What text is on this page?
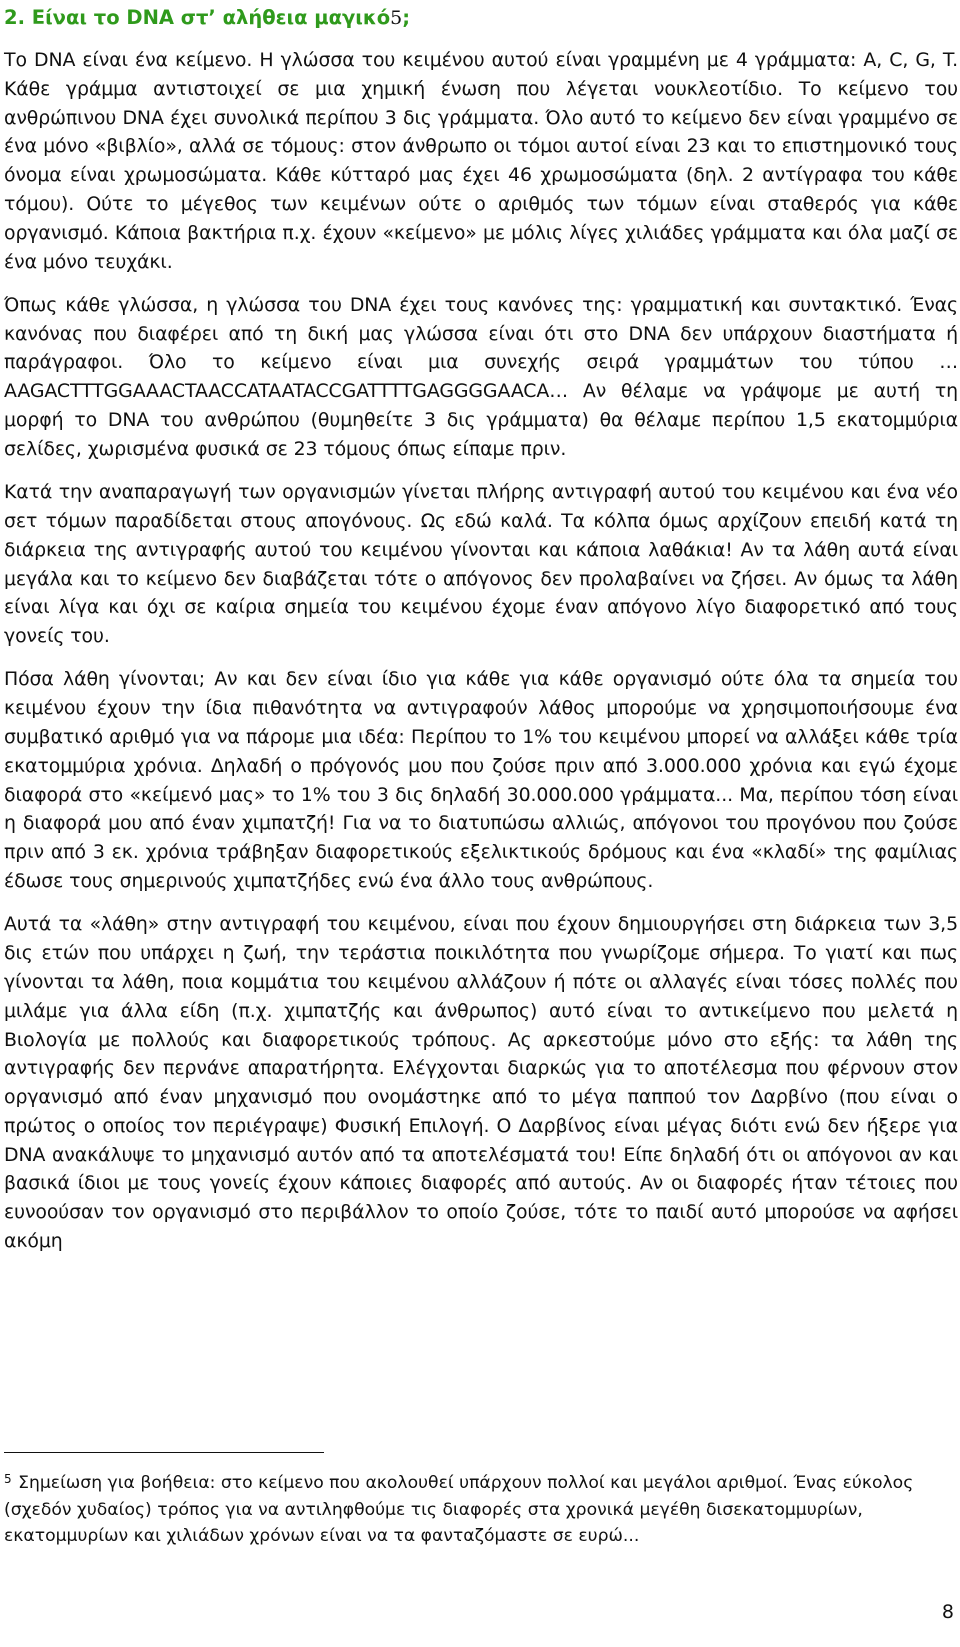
2. Είναι το DNA στ’ αλήθεια μαγικό5;

Το DNA είναι ένα κείμενο. Η γλώσσα του κειμένου αυτού είναι γραμμένη με 4 γράμματα: A, C, G, T. Κάθε γράμμα αντιστοιχεί σε μια χημική ένωση που λέγεται νουκλεοτίδιο. Το κείμενο του ανθρώπινου DNA έχει συνολικά περίπου 3 δις γράμματα. Όλο αυτό το κείμενο δεν είναι γραμμένο σε ένα μόνο «βιβλίο», αλλά σε τόμους: στον άνθρωπο οι τόμοι αυτοί είναι 23 και το επιστημονικό τους όνομα είναι χρωμοσώματα. Κάθε κύτταρό μας έχει 46 χρωμοσώματα (δηλ. 2 αντίγραφα του κάθε τόμου). Ούτε το μέγεθος των κειμένων ούτε ο αριθμός των τόμων είναι σταθερός για κάθε οργανισμό. Κάποια βακτήρια π.χ. έχουν «κείμενο» με μόλις λίγες χιλιάδες γράμματα και όλα μαζί σε ένα μόνο τευχάκι.

Όπως κάθε γλώσσα, η γλώσσα του DNA έχει τους κανόνες της: γραμματική και συντακτικό. Ένας κανόνας που διαφέρει από τη δική μας γλώσσα είναι ότι στο DNA δεν υπάρχουν διαστήματα ή παράγραφοι. Όλο το κείμενο είναι μια συνεχής σειρά γραμμάτων του τύπου …AAGACTTTGGAAACTAACCATAATACCGATTTTGAGGGGAACA… Αν θέλαμε να γράψομε με αυτή τη μορφή το DNA του ανθρώπου (θυμηθείτε 3 δις γράμματα) θα θέλαμε περίπου 1,5 εκατομμύρια σελίδες, χωρισμένα φυσικά σε 23 τόμους όπως είπαμε πριν.

Κατά την αναπαραγωγή των οργανισμών γίνεται πλήρης αντιγραφή αυτού του κειμένου και ένα νέο σετ τόμων παραδίδεται στους απογόνους. Ως εδώ καλά. Τα κόλπα όμως αρχίζουν επειδή κατά τη διάρκεια της αντιγραφής αυτού του κειμένου γίνονται και κάποια λαθάκια! Αν τα λάθη αυτά είναι μεγάλα και το κείμενο δεν διαβάζεται τότε ο απόγονος δεν προλαβαίνει να ζήσει. Αν όμως τα λάθη είναι λίγα και όχι σε καίρια σημεία του κειμένου έχομε έναν απόγονο λίγο διαφορετικό από τους γονείς του.

Πόσα λάθη γίνονται; Αν και δεν είναι ίδιο για κάθε για κάθε οργανισμό ούτε όλα τα σημεία του κειμένου έχουν την ίδια πιθανότητα να αντιγραφούν λάθος μπορούμε να χρησιμοποιήσουμε ένα συμβατικό αριθμό για να πάρομε μια ιδέα: Περίπου το 1% του κειμένου μπορεί να αλλάξει κάθε τρία εκατομμύρια χρόνια. Δηλαδή ο πρόγονός μου που ζούσε πριν από 3.000.000 χρόνια και εγώ έχομε διαφορά στο «κείμενό μας» το 1% του 3 δις δηλαδή 30.000.000 γράμματα... Μα, περίπου τόση είναι η διαφορά μου από έναν χιμπατζή! Για να το διατυπώσω αλλιώς, απόγονοι του προγόνου που ζούσε πριν από 3 εκ. χρόνια τράβηξαν διαφορετικούς εξελικτικούς δρόμους και ένα «κλαδί» της φαμίλιας έδωσε τους σημερινούς χιμπατζήδες ενώ ένα άλλο τους ανθρώπους.

Αυτά τα «λάθη» στην αντιγραφή του κειμένου, είναι που έχουν δημιουργήσει στη διάρκεια των 3,5 δις ετών που υπάρχει η ζωή, την τεράστια ποικιλότητα που γνωρίζομε σήμερα. Το γιατί και πως γίνονται τα λάθη, ποια κομμάτια του κειμένου αλλάζουν ή πότε οι αλλαγές είναι τόσες πολλές που μιλάμε για άλλα είδη (π.χ. χιμπατζής και άνθρωπος) αυτό είναι το αντικείμενο που μελετά η Βιολογία με πολλούς και διαφορετικούς τρόπους. Ας αρκεστούμε μόνο στο εξής: τα λάθη της αντιγραφής δεν περνάνε απαρατήρητα. Ελέγχονται διαρκώς για το αποτέλεσμα που φέρνουν στον οργανισμό από έναν μηχανισμό που ονομάστηκε από το μέγα παππού τον Δαρβίνο (που είναι ο πρώτος ο οποίος τον περιέγραψε) Φυσική Επιλογή. Ο Δαρβίνος είναι μέγας διότι ενώ δεν ήξερε για DNA ανακάλυψε το μηχανισμό αυτόν από τα αποτελέσματά του! Είπε δηλαδή ότι οι απόγονοι αν και βασικά ίδιοι με τους γονείς έχουν κάποιες διαφορές από αυτούς. Αν οι διαφορές ήταν τέτοιες που ευνοούσαν τον οργανισμό στο περιβάλλον το οποίο ζούσε, τότε το παιδί αυτό μπορούσε να αφήσει ακόμη

$^5$ Σημείωση για βοήθεια: στο κείμενο που ακολουθεί υπάρχουν πολλοί και μεγάλοι αριθμοί. Ένας εύκολος (σχεδόν χυδαίος) τρόπος για να αντιληφθούμε τις διαφορές στα χρονικά μεγέθη δισεκατομμυρίων, εκατομμυρίων και χιλιάδων χρόνων είναι να τα φανταζόμαστε σε ευρώ...

8
